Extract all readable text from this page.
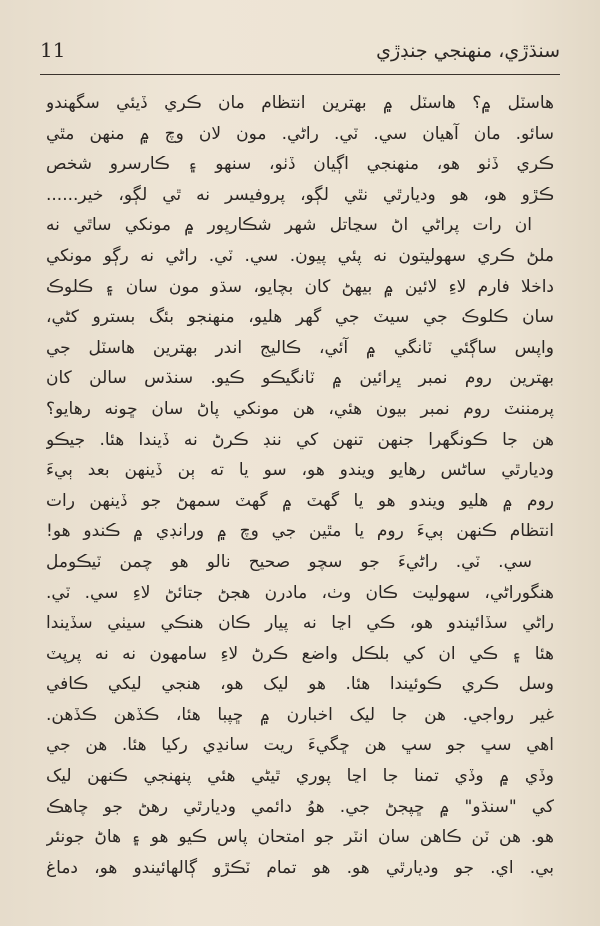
سنڌڙي، منهنجي جنڊڙي
11
هاسٽل ۾؟ هاسٽل ۾ بهترين انتظام مان ڪري ڏيئي سگهندو
سائو. مان آهيان سي. ٽي. راڻي. مون لان وچ ۾ منهن مٿي
ڪري ڏٺو هو، منهنجي اڳيان ڏٺو، سنهو ۽ ڪارسرو شخص
ڪڙو هو، هو وديارٿي نٿي لڳو، پروفيسر نه ٿي لڳو، خير......
ان رات پراڻي اڻ سڃاتل شهر شڪارپور ۾ مونکي ساٿي نه
ملڻ ڪري سهوليتون نه پئي پيون. سي. ٽي. راڻي نه رڳو مونکي
داخلا فارم لاءِ لائين ۾ بيهڻ کان بچايو، سڌو مون سان ۽ ڪلوڪ
سان ڪلوڪ جي سيٽ جي گهر هليو، منهنجو بئگ بسترو کڻي،
واپس ساڳئي ٽانگي ۾ آئي، ڪاليج اندر بهترين هاسٽل جي
بهترين روم نمبر ڀرائين ۾ ٽانگيڪو ڪيو. سنڌس سالن کان
پرمننٽ روم نمبر بيون هئي، هن مونکي پاڻ سان ڇونه رهايو؟
هن جا ڪونگهرا جنهن تنهن کي ننڊ ڪرڻ نه ڏيندا هئا. جيڪو
وديارٿي ساڻس رهايو ويندو هو، سو يا ته ٻن ڏينهن بعد ٻيءَ
روم ۾ هليو ويندو هو يا گهٽ ۾ گهٽ سمهڻ جو ڏينهن رات
انتظام ڪنهن ٻيءَ روم يا مٿين جي وچ ۾ ورانڊي ۾ ڪندو هو!
سي. ٽي. راڻيءَ جو سچو صحيح نالو هو چمن ٽيڪومل
هنگوراڻي، سهوليت ڪان وٺ، مادرن هجڻ جتائڻ لاءِ سي. ٽي.
راڻي سڏائيندو هو، ڪي اڃا نه پيار ڪان هنڪي سيٺي سڏيندا
هئا ۽ ڪي ان کي بلڪل واضع ڪرڻ لاءِ سامهون نه نه پرپٽ
وسل ڪري ڪوئيندا هئا. هو ليک هو، هنجي ليکي ڪافي
غير رواجي. هن جا ليک اخبارن ۾ ڇپبا هئا، ڪڏهن ڪڏهن.
اهي سڀ جو سڀ هن ڇگيءَ ريت سانڍي رکيا هئا. هن جي
وڏي ۾ وڏي تمنا جا اڃا پوري ٿيڻي هئي پنهنجي ڪنهن ليک
کي "سنڌو" ۾ ڇپجڻ جي. هوُ دائمي وديارٿي رهڻ جو چاهڪ
هو. هن ٽن ڪاهن سان انٽر جو امتحان پاس ڪيو هو ۽ هاڻ جونئر
بي. اي. جو وديارٿي هو. هو تمام ٽڪڙو ڳالهائيندو هو، دماغ
